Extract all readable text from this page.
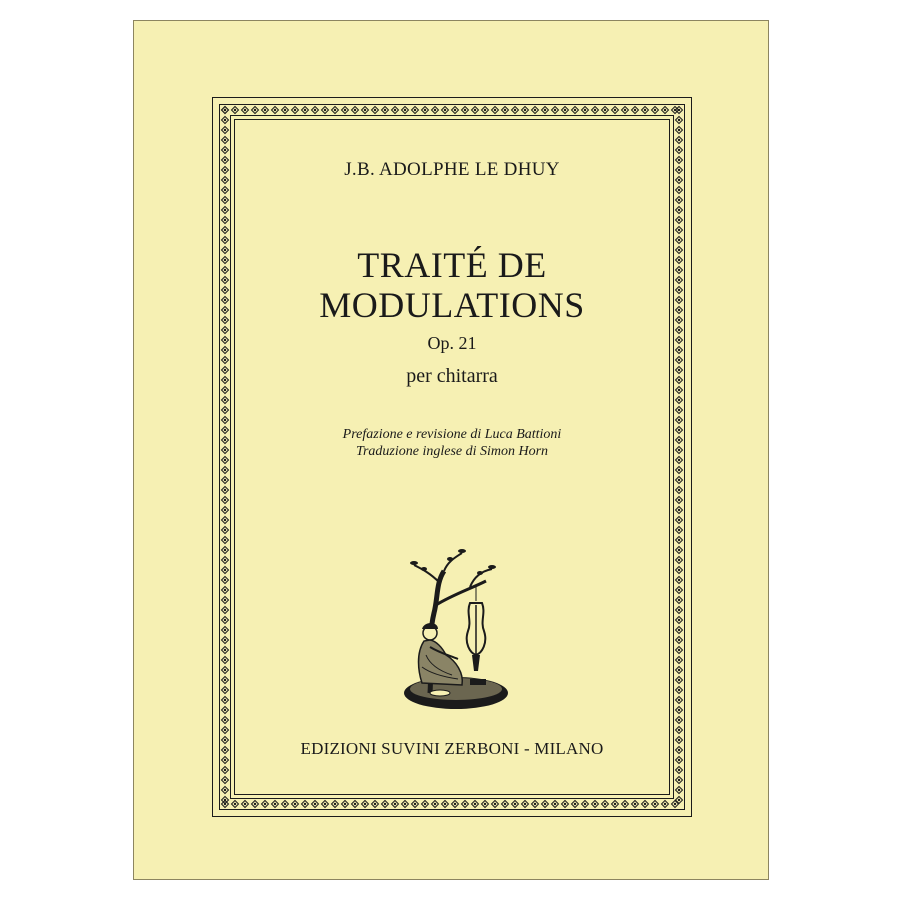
J.B. ADOLPHE LE DHUY
TRAITÉ DE
MODULATIONS
Op. 21
per chitarra
Prefazione e revisione di Luca Battioni
Traduzione inglese di Simon Horn
EDIZIONI SUVINI ZERBONI - MILANO
